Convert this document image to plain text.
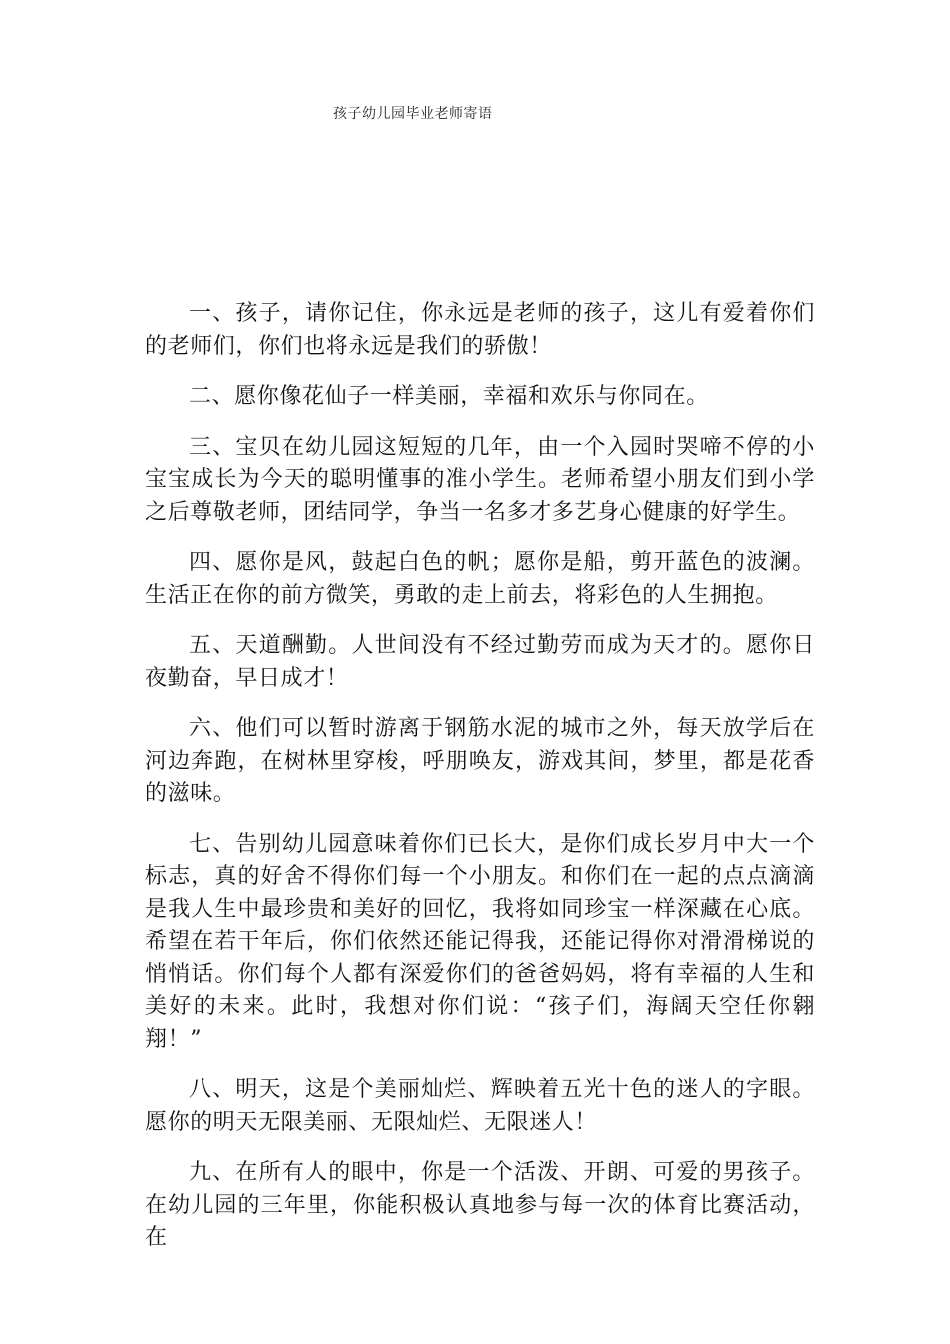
孩子幼儿园毕业老师寄语

一、孩子，请你记住，你永远是老师的孩子，这儿有爱着你们的老师们，你们也将永远是我们的骄傲！

二、愿你像花仙子一样美丽，幸福和欢乐与你同在。

三、宝贝在幼儿园这短短的几年，由一个入园时哭啼不停的小宝宝成长为今天的聪明懂事的准小学生。老师希望小朋友们到小学之后尊敬老师，团结同学，争当一名多才多艺身心健康的好学生。

四、愿你是风，鼓起白色的帆；愿你是船，剪开蓝色的波澜。生活正在你的前方微笑，勇敢的走上前去，将彩色的人生拥抱。

五、天道酬勤。人世间没有不经过勤劳而成为天才的。愿你日夜勤奋，早日成才！

六、他们可以暂时游离于钢筋水泥的城市之外，每天放学后在河边奔跑，在树林里穿梭，呼朋唤友，游戏其间，梦里，都是花香的滋味。

七、告别幼儿园意味着你们已长大，是你们成长岁月中大一个标志，真的好舍不得你们每一个小朋友。和你们在一起的点点滴滴是我人生中最珍贵和美好的回忆，我将如同珍宝一样深藏在心底。希望在若干年后，你们依然还能记得我，还能记得你对滑滑梯说的悄悄话。你们每个人都有深爱你们的爸爸妈妈，将有幸福的人生和美好的未来。此时，我想对你们说：“孩子们，海阔天空任你翱翔！”

八、明天，这是个美丽灿烂、辉映着五光十色的迷人的字眼。愿你的明天无限美丽、无限灿烂、无限迷人！

九、在所有人的眼中，你是一个活泼、开朗、可爱的男孩子。在幼儿园的三年里，你能积极认真地参与每一次的体育比赛活动，在
